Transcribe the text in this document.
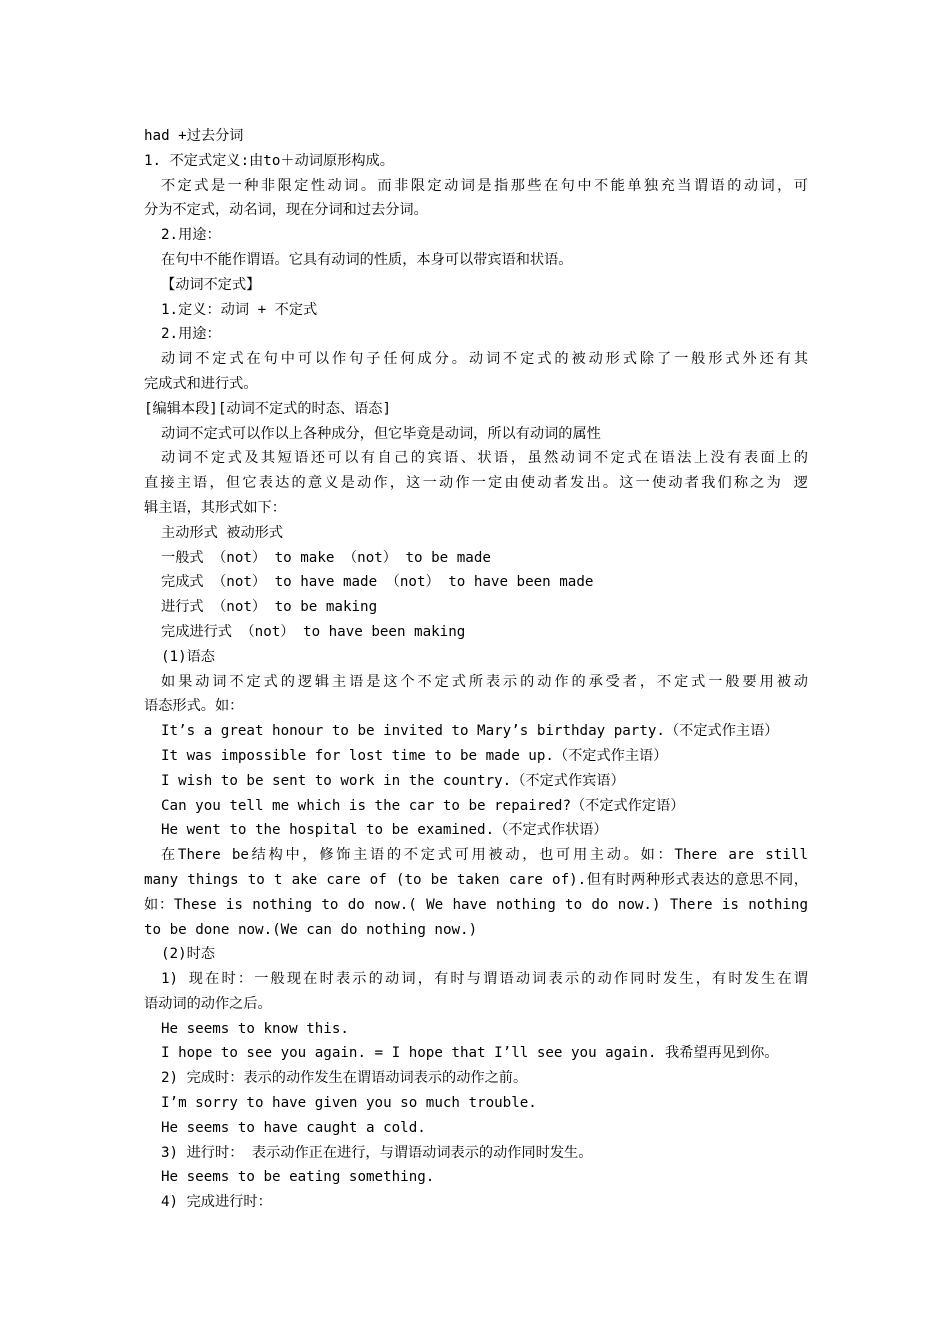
had +过去分词
1. 不定式定义:由to＋动词原形构成。
不定式是一种非限定性动词。而非限定动词是指那些在句中不能单独充当谓语的动词，可
分为不定式，动名词，现在分词和过去分词。
2.用途：
在句中不能作谓语。它具有动词的性质，本身可以带宾语和状语。
【动词不定式】
1.定义：动词 + 不定式
2.用途：
动词不定式在句中可以作句子任何成分。动词不定式的被动形式除了一般形式外还有其
完成式和进行式。
[编辑本段][动词不定式的时态、语态]
动词不定式可以作以上各种成分，但它毕竟是动词，所以有动词的属性
动词不定式及其短语还可以有自己的宾语、状语，虽然动词不定式在语法上没有表面上的
直接主语，但它表达的意义是动作，这一动作一定由使动者发出。这一使动者我们称之为 逻
辑主语，其形式如下：
主动形式 被动形式
一般式 （not） to make （not） to be made
完成式 （not） to have made （not） to have been made
进行式 （not） to be making
完成进行式 （not） to have been making
(1)语态
如果动词不定式的逻辑主语是这个不定式所表示的动作的承受者，不定式一般要用被动
语态形式。如：
It’s a great honour to be invited to Mary’s birthday party.（不定式作主语）
It was impossible for lost time to be made up.（不定式作主语）
I wish to be sent to work in the country.（不定式作宾语）
Can you tell me which is the car to be repaired?（不定式作定语）
He went to the hospital to be examined.（不定式作状语）
在There be结构中，修饰主语的不定式可用被动，也可用主动。如：There are still
many things to t ake care of (to be taken care of).但有时两种形式表达的意思不同，
如：These is nothing to do now.( We have nothing to do now.) There is nothing
to be done now.(We can do nothing now.)
(2)时态
1) 现在时：一般现在时表示的动词，有时与谓语动词表示的动作同时发生，有时发生在谓
语动词的动作之后。
He seems to know this.
I hope to see you again. = I hope that I’ll see you again. 我希望再见到你。
2) 完成时：表示的动作发生在谓语动词表示的动作之前。
I’m sorry to have given you so much trouble.
He seems to have caught a cold.
3) 进行时： 表示动作正在进行，与谓语动词表示的动作同时发生。
He seems to be eating something.
4) 完成进行时：
